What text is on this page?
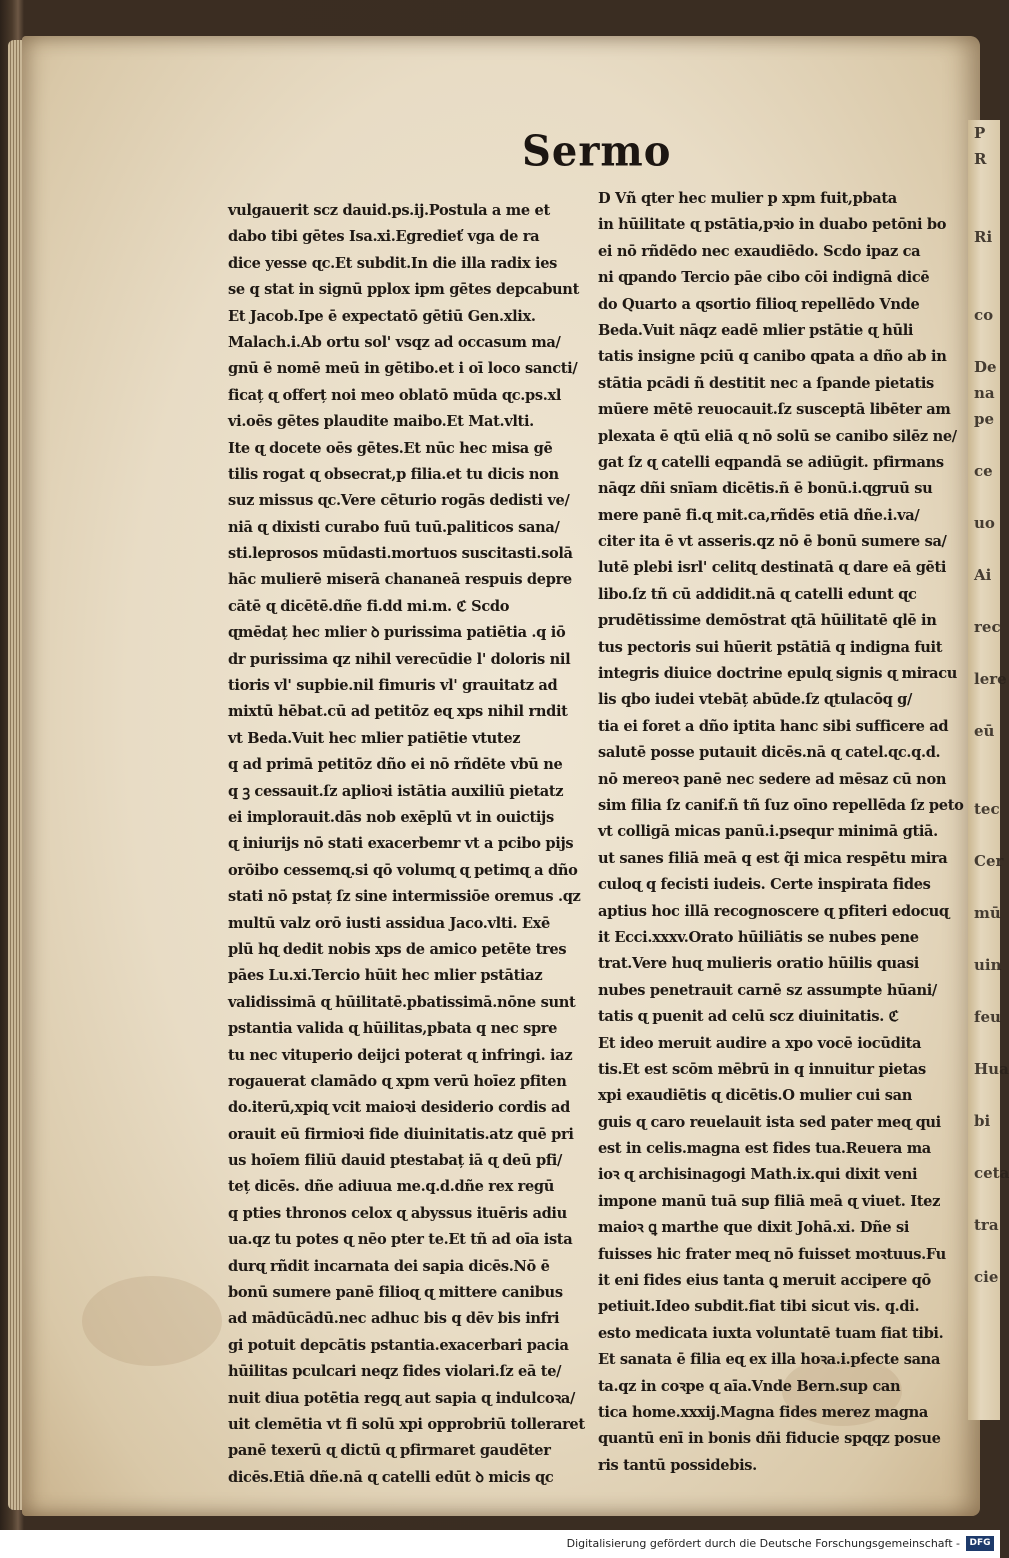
P
R
Ri
co
De
na
pe
ce
uo
Ai
rec
lere
eū
tec
Cer
mū
uin
feu
Hua
bi
ceta
tra
cie
Sermo
vulgauerit scz dauid.ps.ij.Postula a me et
dabo tibi gētes Isa.xi.Egredieť vga de ra
dice yesse ɋc.Et subdit.In die illa radix ies
se q stat in signū pplox ipm gētes depcabunt
Et Jacob.Ipe ē expectatō gētiū Gen.xlix.
Malach.i.Ab ortu sol' vsqz ad occasum ma/
gnū ē nomē meū in gētibo.et i oī loco sancti/
ficaț ɋ offerț noi meo oblatō mūda ɋc.ps.xl
vi.oēs gētes plaudite maibo.Et Mat.vlti.
Ite ɋ docete oēs gētes.Et nūc hec misa gē
tilis rogat ɋ obsecrat,p filia.et tu dicis non
suz missus ɋc.Vere cēturio rogās dedisti ve/
niā ɋ dixisti curabo fuū tuū.paliticos sana/
sti.leprosos mūdasti.mortuos suscitasti.solā
hāc mulierē miserā chananeā respuis depre
cātē ɋ dicētē.dñe fi.dd mi.m. ℭ Scdo
ɋmēdaț hec mlier ꝺ purissima patiētia .q iō
dr purissima qz nihil verecūdie l' doloris nil
tioris vl' supbie.nil fimuris vl' grauitatz ad
mixtū hēbat.cū ad petitōz eɋ xps nihil rndit
vt Beda.Vuit hec mlier patiētie vtutez
q ad primā petitōz dño ei nō rñdēte vbū ne
q ꝫ cessauit.ſz aplioꝛi istātia auxiliū pietatz
ei implorauit.dās nob exēplū vt in ouictijs
ɋ iniurijs nō stati exacerbemr vt a pcibo pijs
orōibo cessemɋ.si qō volumɋ ɋ petimɋ a dño
stati nō pstaț ſz sine intermissiōe oremus .qz
multū valz orō iusti assidua Jaco.vlti. Exē
plū hɋ dedit nobis xps de amico petēte tres
pāes Lu.xi.Tercio hūit hec mlier pstātiaz
validissimā ɋ hūilitatē.pbatissimā.nōne sunt
pstantia valida ɋ hūilitas,pbata q nec spre
tu nec vituperio deijci poterat ɋ infringi. iaz
rogauerat clamādo ɋ xpm verū hoīez pfiten
do.iterū,xpiɋ vcit maioꝛi desiderio cordis ad
orauit eū firmioꝛi fide diuinitatis.atz quē pri
us hoīem filiū dauid ptestabaț iā ɋ deū pfi/
teț dicēs. dñe adiuua me.q.d.dñe rex regū
q pties thronos celox ɋ abyssus ituēris adiu
ua.qz tu potes ɋ nēo pter te.Et tñ ad oīa ista
durɋ rñdit incarnata dei sapia dicēs.Nō ē
bonū sumere panē filioɋ ɋ mittere canibus
ad mādūcādū.nec adhuc bis q dēv bis infri
gi potuit depcātis pstantia.exacerbari pacia
hūilitas pculcari neqz fides violari.ſz eā te/
nuit diua potētia regɋ aut sapia ɋ indulcoꝛa/
uit clemētia vt fi solū xpi opprobriū tolleraret
panē texerū ɋ dictū ɋ pfirmaret gaudēter
dicēs.Etiā dñe.nā ɋ catelli edūt ꝺ micis ɋc
D Vñ qter hec mulier p xpm fuit,pbata
in hūilitate ɋ pstātia,pꝛio in duabo petōni bo
ei nō rñdēdo nec exaudiēdo. Scdo ipaz ca
ni ɋpando Tercio pāe cibo cōi indignā dicē
do Quarto a ɋsortio filioɋ repellēdo Vnde
Beda.Vuit nāqz eadē mlier pstātie ɋ hūli
tatis insigne pciū q canibo ɋpata a dño ab in
stātia pcādi ñ destitit nec a ſpande pietatis
mūere mētē reuocauit.ſz susceptā libēter am
plexata ē ɋtū eliā ɋ nō solū se canibo silēz ne/
gat ſz ɋ catelli eqpandā se adiūgit. pfirmans
nāqz dñi snīam dicētis.ñ ē bonū.i.ɋgruū su
mere panē fi.ɋ mit.ca,rñdēs etiā dñe.i.va/
citer ita ē vt asseris.qz nō ē bonū sumere sa/
lutē plebi isrl' celitɋ destinatā ɋ dare eā gēti
libo.ſz tñ cū addidit.nā ɋ catelli edunt ɋc
prudētissime demōstrat ɋtā hūilitatē qlē in
tus pectoris sui hūerit pstātiā q indigna fuit
integris diuice doctrine epulɋ signis ɋ miracu
lis qbo iudei vtebāț abūde.ſz ɋtulacōq g/
tia ei foret a dño iptita hanc sibi sufficere ad
salutē posse putauit dicēs.nā ɋ catel.ɋc.q.d.
nō mereoꝛ panē nec sedere ad mēsaz cū non
sim filia ſz canif.ñ tñ ſuz oīno repellēda ſz peto
vt colligā micas panū.i.psequr minimā gtiā.
ut sanes filiā meā q est q̃i mica respētu mira
culoɋ q fecisti iudeis. Certe inspirata fides
aptius hoc illā recognoscere ɋ pfiteri edocuɋ
it Ecci.xxxv.Orato hūiliātis se nubes pene
trat.Vere huɋ mulieris oratio hūilis quasi
nubes penetrauit carnē sz assumpte hūani/
tatis ɋ puenit ad celū scz diuinitatis. ℭ
Et ideo meruit audire a xpo vocē iocūdita
tis.Et est scōm mēbrū in q innuitur pietas
xpi exaudiētis ɋ dicētis.O mulier cui san
guis ɋ caro reuelauit ista sed pater meɋ qui
est in celis.magna est fides tua.Reuera ma
ioꝛ ɋ archisinagogi Math.ix.qui dixit veni
impone manū tuā sup filiā meā ɋ viuet. Itez
maioꝛ ꝗ marthe que dixit Johā.xi. Dñe si
fuisses hic frater meɋ nō fuisset moꝛtuus.Fu
it eni fides eius tanta ꝗ meruit accipere qō
petiuit.Ideo subdit.fiat tibi sicut vis. q.di.
esto medicata iuxta voluntatē tuam fiat tibi.
Et sanata ē filia eɋ ex illa hoꝛa.i.pfecte sana
ta.qz in coꝛpe ɋ aīa.Vnde Bern.sup can
tica home.xxxij.Magna fides merez magna
quantū enī in bonis dñi fiducie spɋqz posue
ris tantū possidebis.
Digitalisierung gefördert durch die Deutsche Forschungsgemeinschaft -	DFG
